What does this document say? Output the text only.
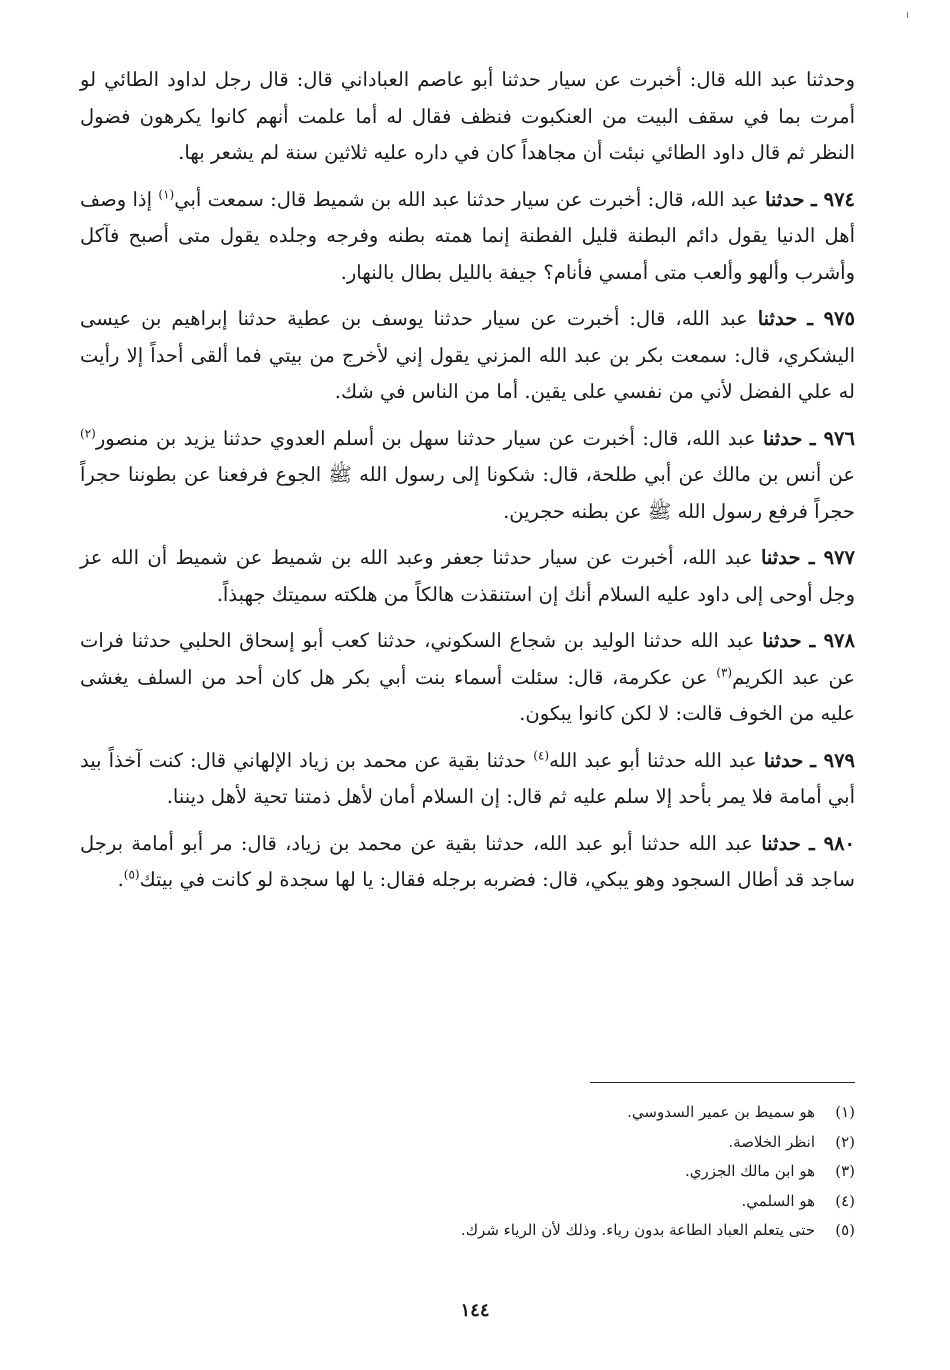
وحدثنا عبد الله قال: أخبرت عن سيار حدثنا أبو عاصم العباداني قال: قال رجل لداود الطائي لو أمرت بما في سقف البيت من العنكبوت فنظف فقال له أما علمت أنهم كانوا يكرهون فضول النظر ثم قال داود الطائي نبئت أن مجاهداً كان في داره عليه ثلاثين سنة لم يشعر بها.

٩٧٤ ـ حدثنا عبد الله، قال: أخبرت عن سيار حدثنا عبد الله بن شميط قال: سمعت أبي$^{(١)}$ إذا وصف أهل الدنيا يقول دائم البطنة قليل الفطنة إنما همته بطنه وفرجه وجلده يقول متى أصبح فآكل وأشرب وألهو وألعب متى أمسي فأنام؟ جيفة بالليل بطال بالنهار.

٩٧٥ ـ حدثنا عبد الله، قال: أخبرت عن سيار حدثنا يوسف بن عطية حدثنا إبراهيم بن عيسى اليشكري، قال: سمعت بكر بن عبد الله المزني يقول إني لأخرج من بيتي فما ألقى أحداً إلا رأيت له علي الفضل لأني من نفسي على يقين. أما من الناس في شك.

٩٧٦ ـ حدثنا عبد الله، قال: أخبرت عن سيار حدثنا سهل بن أسلم العدوي حدثنا يزيد بن منصور$^{(٢)}$ عن أنس بن مالك عن أبي طلحة، قال: شكونا إلى رسول الله ﷺ الجوع فرفعنا عن بطوننا حجراً حجراً فرفع رسول الله ﷺ عن بطنه حجرين.

٩٧٧ ـ حدثنا عبد الله، أخبرت عن سيار حدثنا جعفر وعبد الله بن شميط عن شميط أن الله عز وجل أوحى إلى داود عليه السلام أنك إن استنقذت هالكاً من هلكته سميتك جهبذاً.

٩٧٨ ـ حدثنا عبد الله حدثنا الوليد بن شجاع السكوني، حدثنا كعب أبو إسحاق الحلبي حدثنا فرات عن عبد الكريم$^{(٣)}$ عن عكرمة، قال: سئلت أسماء بنت أبي بكر هل كان أحد من السلف يغشى عليه من الخوف قالت: لا لكن كانوا يبكون.

٩٧٩ ـ حدثنا عبد الله حدثنا أبو عبد الله$^{(٤)}$ حدثنا بقية عن محمد بن زياد الإلهاني قال: كنت آخذاً بيد أبي أمامة فلا يمر بأحد إلا سلم عليه ثم قال: إن السلام أمان لأهل ذمتنا تحية لأهل ديننا.

٩٨٠ ـ حدثنا عبد الله حدثنا أبو عبد الله، حدثنا بقية عن محمد بن زياد، قال: مر أبو أمامة برجل ساجد قد أطال السجود وهو يبكي، قال: فضربه برجله فقال: يا لها سجدة لو كانت في بيتك$^{(٥)}$.

(١)
هو سميط بن عمير السدوسي.
(٢)
انظر الخلاصة.
(٣)
هو ابن مالك الجزري.
(٤)
هو السلمي.
(٥)
حتى يتعلم العباد الطاعة بدون رياء. وذلك لأن الرياء شرك.
١٤٤
